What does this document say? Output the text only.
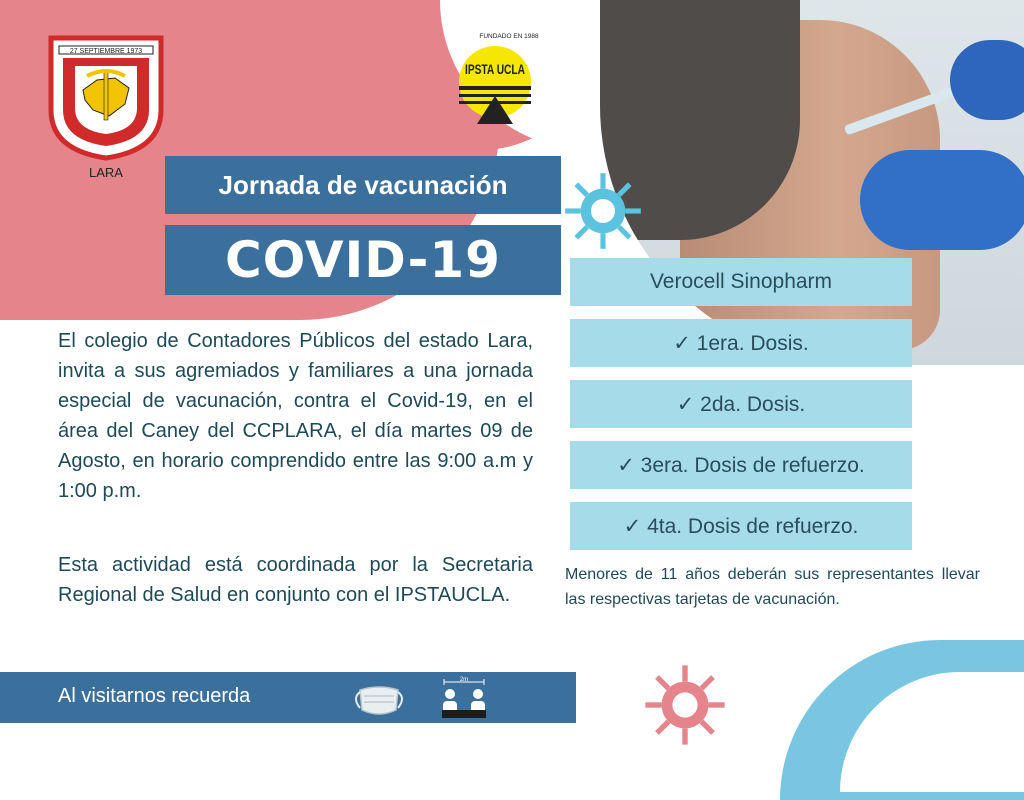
27 SEPTIEMBRE 1973
LARA
FUNDADO EN 1988
IPSTA UCLA
Jornada de vacunación
COVID-19
El colegio de Contadores Públicos del estado Lara, invita a sus agremiados y familiares a una jornada especial de vacunación, contra el Covid-19, en el área del Caney del CCPLARA, el día martes 09 de Agosto, en horario comprendido entre las 9:00 a.m y 1:00 p.m.
Esta actividad está coordinada por la Secretaria Regional de Salud en conjunto con el IPSTAUCLA.
Verocell Sinopharm
✓ 1era. Dosis.
✓ 2da. Dosis.
✓ 3era. Dosis de refuerzo.
✓ 4ta. Dosis de refuerzo.
Menores de 11 años deberán sus representantes llevar las respectivas tarjetas de vacunación.
Al visitarnos recuerda
2m
